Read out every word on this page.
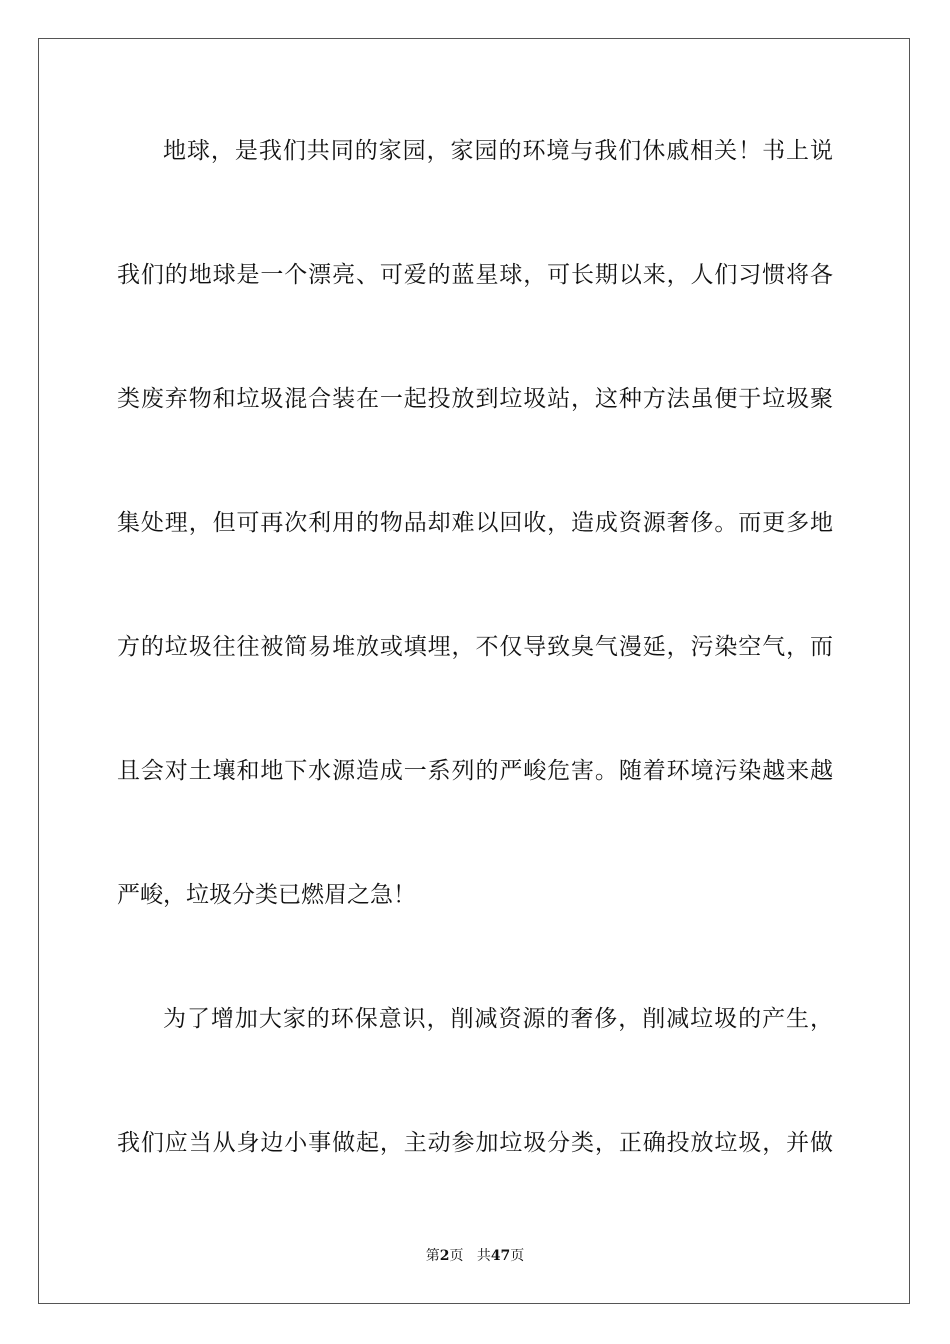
地球，是我们共同的家园，家园的环境与我们休戚相关！书上说
我们的地球是一个漂亮、可爱的蓝星球，可长期以来，人们习惯将各
类废弃物和垃圾混合装在一起投放到垃圾站，这种方法虽便于垃圾聚
集处理，但可再次利用的物品却难以回收，造成资源奢侈。而更多地
方的垃圾往往被简易堆放或填埋，不仅导致臭气漫延，污染空气，而
且会对土壤和地下水源造成一系列的严峻危害。随着环境污染越来越
严峻，垃圾分类已燃眉之急！
为了增加大家的环保意识，削减资源的奢侈，削减垃圾的产生，
我们应当从身边小事做起，主动参加垃圾分类，正确投放垃圾，并做
第2页 共47页
